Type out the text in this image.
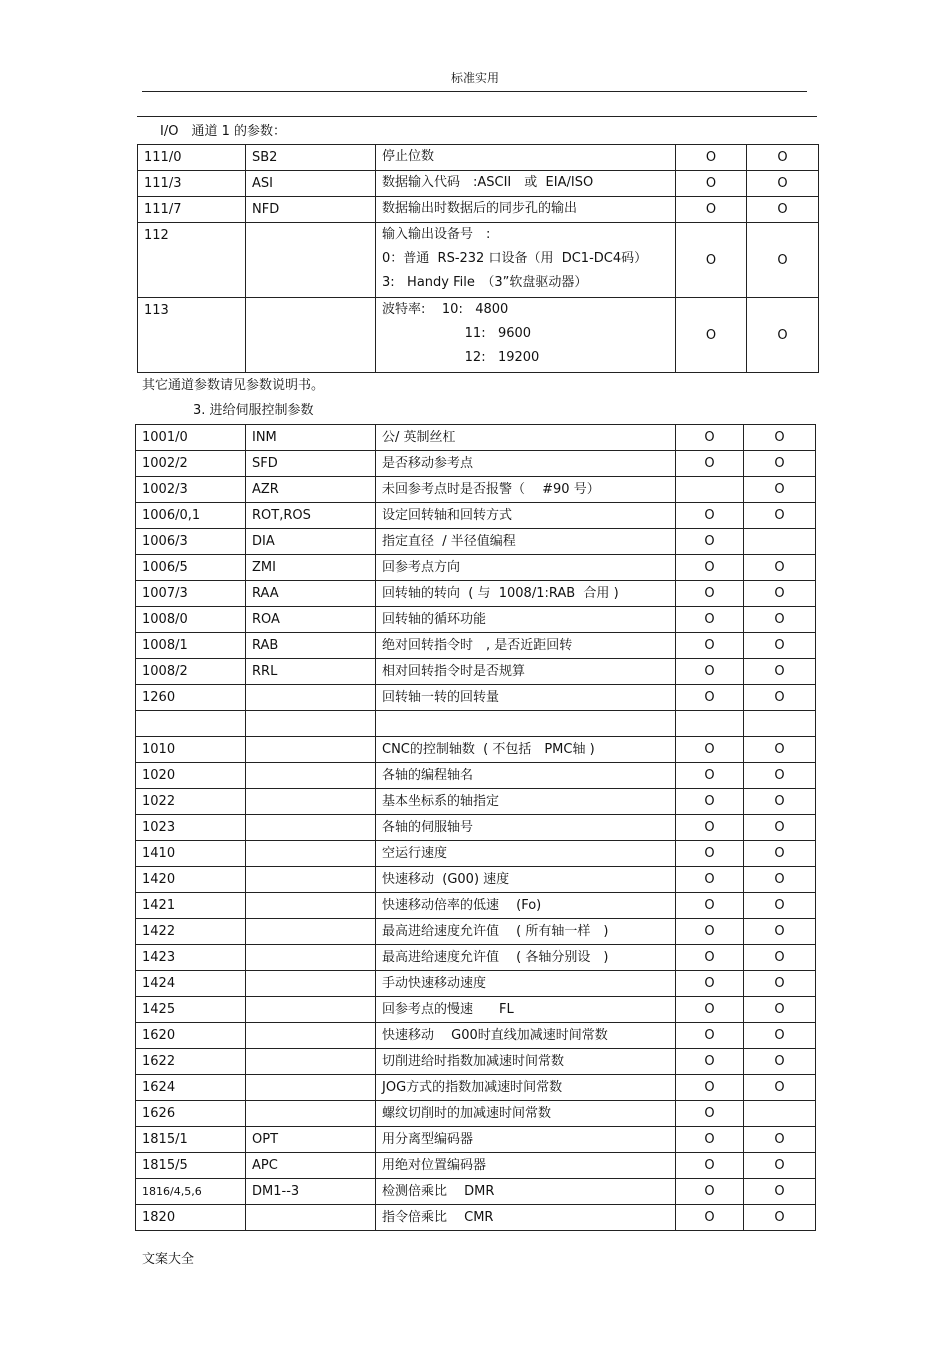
标准实用
I/O　通道 1 的参数：
111/0	SB2	停止位数	O	O
111/3	ASI	数据输入代码　:ASCII　或  EIA/ISO	O	O
111/7	NFD	数据输出时数据后的同步孔的输出	O	O
112		输入输出设备号　:
0：普通  RS-232 口设备（用  DC1-DC4码）
3:   Handy File　（3”软盘驱动器）	O	O
113		波特率:    10:   4800
11:   9600
12:   19200	O	O
其它通道参数请见参数说明书。
3. 进给伺服控制参数
1001/0	INM	公/ 英制丝杠	O	O
1002/2	SFD	是否移动参考点	O	O
1002/3	AZR	未回参考点时是否报警（　 #90 号）		O
1006/0,1	ROT,ROS	设定回转轴和回转方式	O	O
1006/3	DIA	指定直径  / 半径值编程	O	
1006/5	ZMI	回参考点方向	O	O
1007/3	RAA	回转轴的转向  ( 与  1008/1:RAB  合用 )	O	O
1008/0	ROA	回转轴的循环功能	O	O
1008/1	RAB	绝对回转指令时　, 是否近距回转	O	O
1008/2	RRL	相对回转指令时是否规算	O	O
1260		回转轴一转的回转量	O	O

1010		CNC的控制轴数  ( 不包括　PMC轴 )	O	O
1020		各轴的编程轴名	O	O
1022		基本坐标系的轴指定	O	O
1023		各轴的伺服轴号	O	O
1410		空运行速度	O	O
1420		快速移动  (G00) 速度	O	O
1421		快速移动倍率的低速　 (Fo)	O	O
1422		最高进给速度允许值　 ( 所有轴一样　)	O	O
1423		最高进给速度允许值　 ( 各轴分别设　)	O	O
1424		手动快速移动速度	O	O
1425		回参考点的慢速　　FL	O	O
1620		快速移动　 G00时直线加减速时间常数	O	O
1622		切削进给时指数加减速时间常数	O	O
1624		JOG方式的指数加减速时间常数	O	O
1626		螺纹切削时的加减速时间常数	O	
1815/1	OPT	用分离型编码器	O	O
1815/5	APC	用绝对位置编码器	O	O
1816/4,5,6	DM1--3	检测倍乘比　 DMR	O	O
1820		指令倍乘比　 CMR	O	O
文案大全
